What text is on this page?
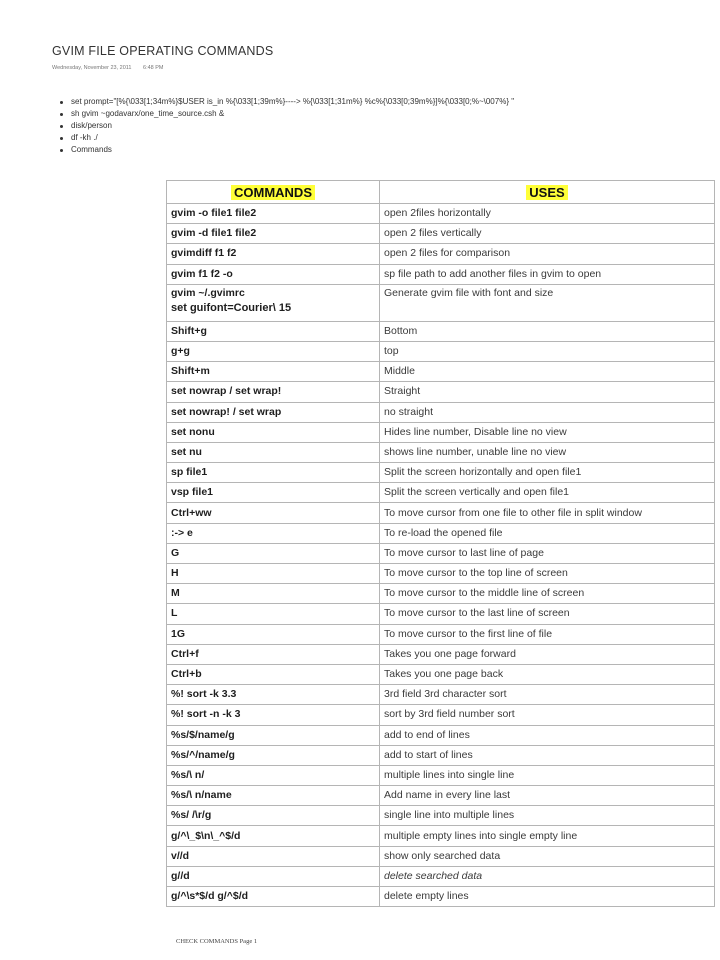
GVIM FILE OPERATING COMMANDS
Wednesday, November 23, 2011 6:48 PM
set prompt="[%{\033[1;34m%}$USER is_in %{\033[1;39m%}----> %{\033[1;31m%} %c%{\033[0;39m%}]%{\033[0;%~\007%} "
sh gvim ~godavarx/one_time_source.csh &
disk/person
df -kh ./
Commands
COMMANDS	USES
gvim -o file1 file2	open 2files horizontally
gvim -d file1 file2	open 2 files vertically
gvimdiff f1 f2	open 2 files for comparison
gvim f1 f2 -o	sp file path to add another files in gvim to open
gvim ~/.gvimrc
set guifont=Courier\ 15	Generate gvim file with font and size
Shift+g	Bottom
g+g	top
Shift+m	Middle
set nowrap / set wrap!	Straight
set nowrap! / set wrap	no straight
set nonu	Hides line number, Disable line no view
set nu	shows line number, unable line no view
sp file1	Split the screen horizontally and open file1
vsp file1	Split the screen vertically and open file1
Ctrl+ww	To move cursor from one file to other file in split window
:-> e	To re-load the opened file
G	To move cursor to last line of page
H	To move cursor to the top line of screen
M	To move cursor to the middle line of screen
L	To move cursor to the last line of screen
1G	To move cursor to the first line of file
Ctrl+f	Takes you one page forward
Ctrl+b	Takes you one page back
%! sort -k 3.3	3rd field 3rd character sort
%! sort -n -k 3	sort by 3rd field number sort
%s/$/name/g	add to end of lines
%s/^/name/g	add to start of lines
%s/\ n/	multiple lines into single line
%s/\ n/name	Add name in every line last
%s/ /\r/g	single line into multiple lines
g/^\_$\n\_^$/d	multiple empty lines into single empty line
v//d	show only searched data
g//d	delete searched data
g/^\s*$/d g/^$/d	delete empty lines
CHECK COMMANDS Page 1
